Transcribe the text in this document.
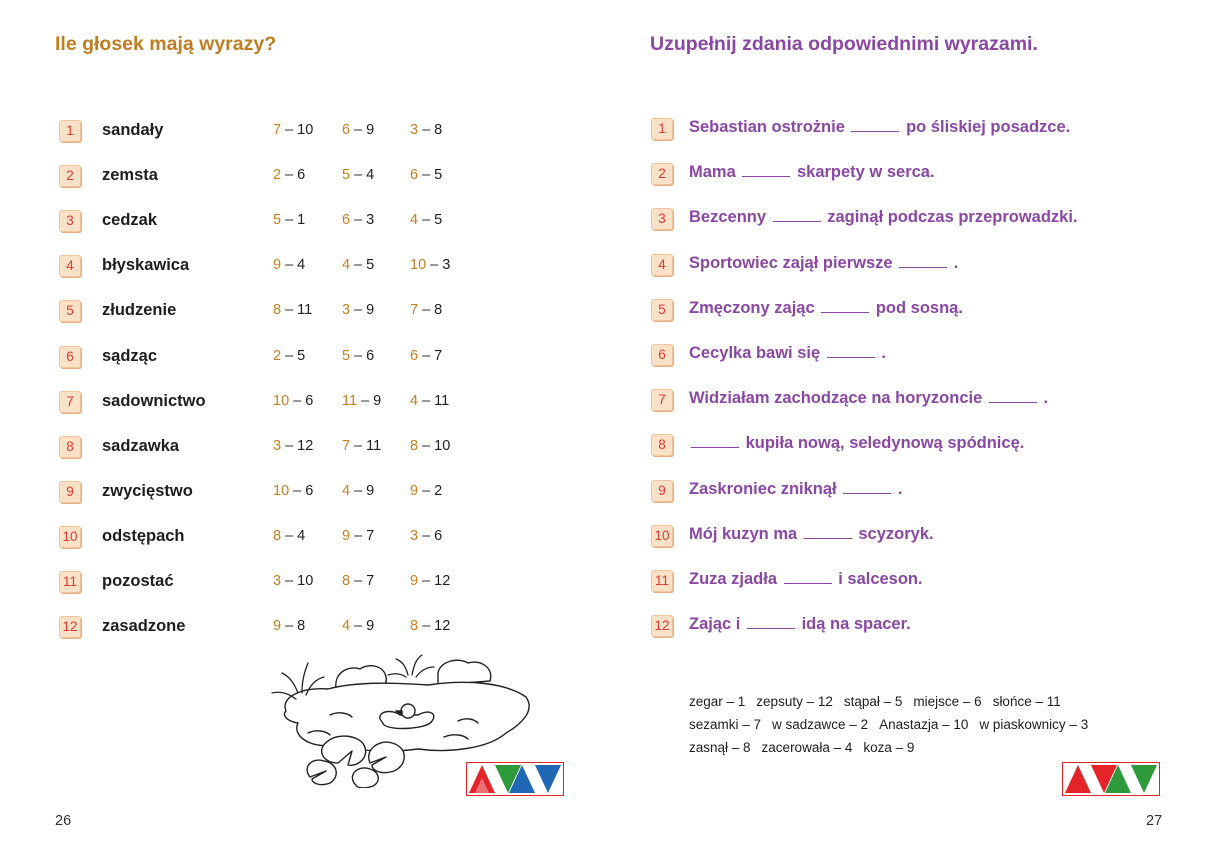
Ile głosek mają wyrazy?
1	sandały	7 – 10 6 – 9 3 – 8
2	zemsta	2 – 6	5 – 4 6 – 5
3	cedzak	5 – 1	6 – 3 4 – 5
4	błyskawica	9 – 4	4 – 5 10 – 3
5	złudzenie	8 – 11 3 – 9 7 – 8
6	sądząc	2 – 5	5 – 6 6 – 7
7	sadownictwo	10 – 6 11 – 9 4 – 11
8	sadzawka	3 – 12 7 – 11 8 – 10
9	zwycięstwo	10 – 6 4 – 9 9 – 2
10 odstępach	8 – 4	9 – 7 3 – 6
11 pozostać	3 – 10 8 – 7 9 – 12
12 zasadzone	9 – 8	4 – 9 8 – 12
26
Uzupełnij zdania odpowiednimi wyrazami.
1	Sebastian ostrożnie	po śliskiej posadzce.
2	Mama	skarpety w serca.
3	Bezcenny	zaginął podczas przeprowadzki.
4	Sportowiec zajął pierwsze	.
5	Zmęczony zając	pod sosną.
6	Cecylka bawi się	.
7	Widziałam zachodzące na horyzoncie	.
8	kupiła nową, seledynową spódnicę.
9	Zaskroniec zniknął	.
10 Mój kuzyn ma	scyzoryk.
11 Zuza zjadła	i salceson.
12 Zając i	idą na spacer.
zegar – 1 zepsuty – 12 stąpał – 5 miejsce – 6 słońce – 11
sezamki – 7 w sadzawce – 2 Anastazja – 10 w piaskownicy – 3
zasnął – 8 zacerowała – 4 koza – 9
27
